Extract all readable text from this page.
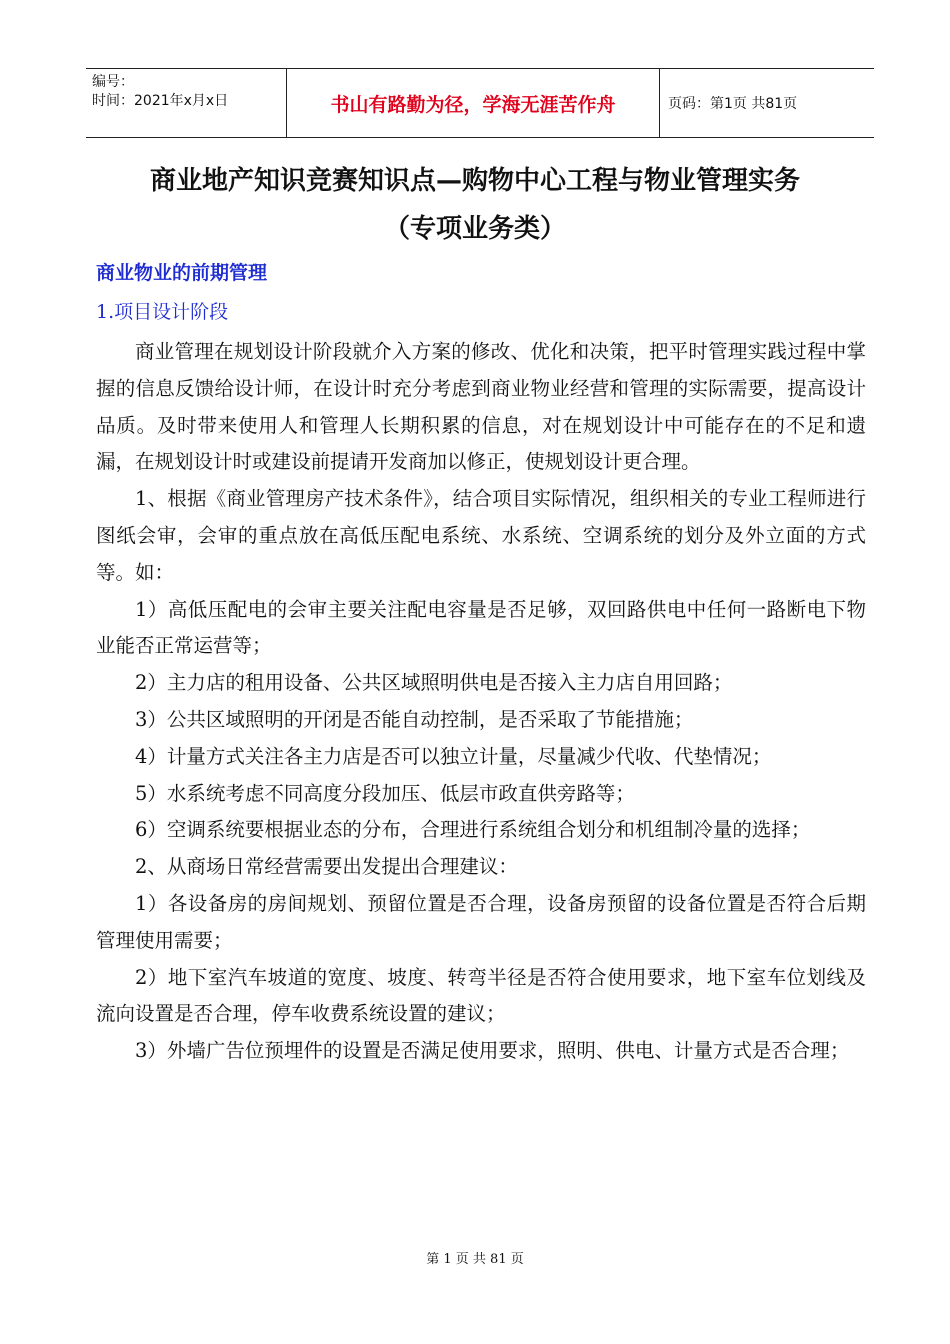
编号：
时间：2021年x月x日	书山有路勤为径，学海无涯苦作舟	页码：第1页 共81页
商业地产知识竞赛知识点—购物中心工程与物业管理实务
（专项业务类）
商业物业的前期管理
1.项目设计阶段

商业管理在规划设计阶段就介入方案的修改、优化和决策，把平时管理实践过程中掌握的信息反馈给设计师，在设计时充分考虑到商业物业经营和管理的实际需要，提高设计品质。及时带来使用人和管理人长期积累的信息，对在规划设计中可能存在的不足和遗漏，在规划设计时或建设前提请开发商加以修正，使规划设计更合理。

1、根据《商业管理房产技术条件》，结合项目实际情况，组织相关的专业工程师进行图纸会审，会审的重点放在高低压配电系统、水系统、空调系统的划分及外立面的方式等。如：

1）高低压配电的会审主要关注配电容量是否足够，双回路供电中任何一路断电下物业能否正常运营等；

2）主力店的租用设备、公共区域照明供电是否接入主力店自用回路；

3）公共区域照明的开闭是否能自动控制，是否采取了节能措施；

4）计量方式关注各主力店是否可以独立计量，尽量减少代收、代垫情况；

5）水系统考虑不同高度分段加压、低层市政直供旁路等；

6）空调系统要根据业态的分布，合理进行系统组合划分和机组制冷量的选择；

2、从商场日常经营需要出发提出合理建议：

1）各设备房的房间规划、预留位置是否合理，设备房预留的设备位置是否符合后期管理使用需要；

2）地下室汽车坡道的宽度、坡度、转弯半径是否符合使用要求，地下室车位划线及流向设置是否合理，停车收费系统设置的建议；

3）外墙广告位预埋件的设置是否满足使用要求，照明、供电、计量方式是否合理；

第 1 页 共 81 页
